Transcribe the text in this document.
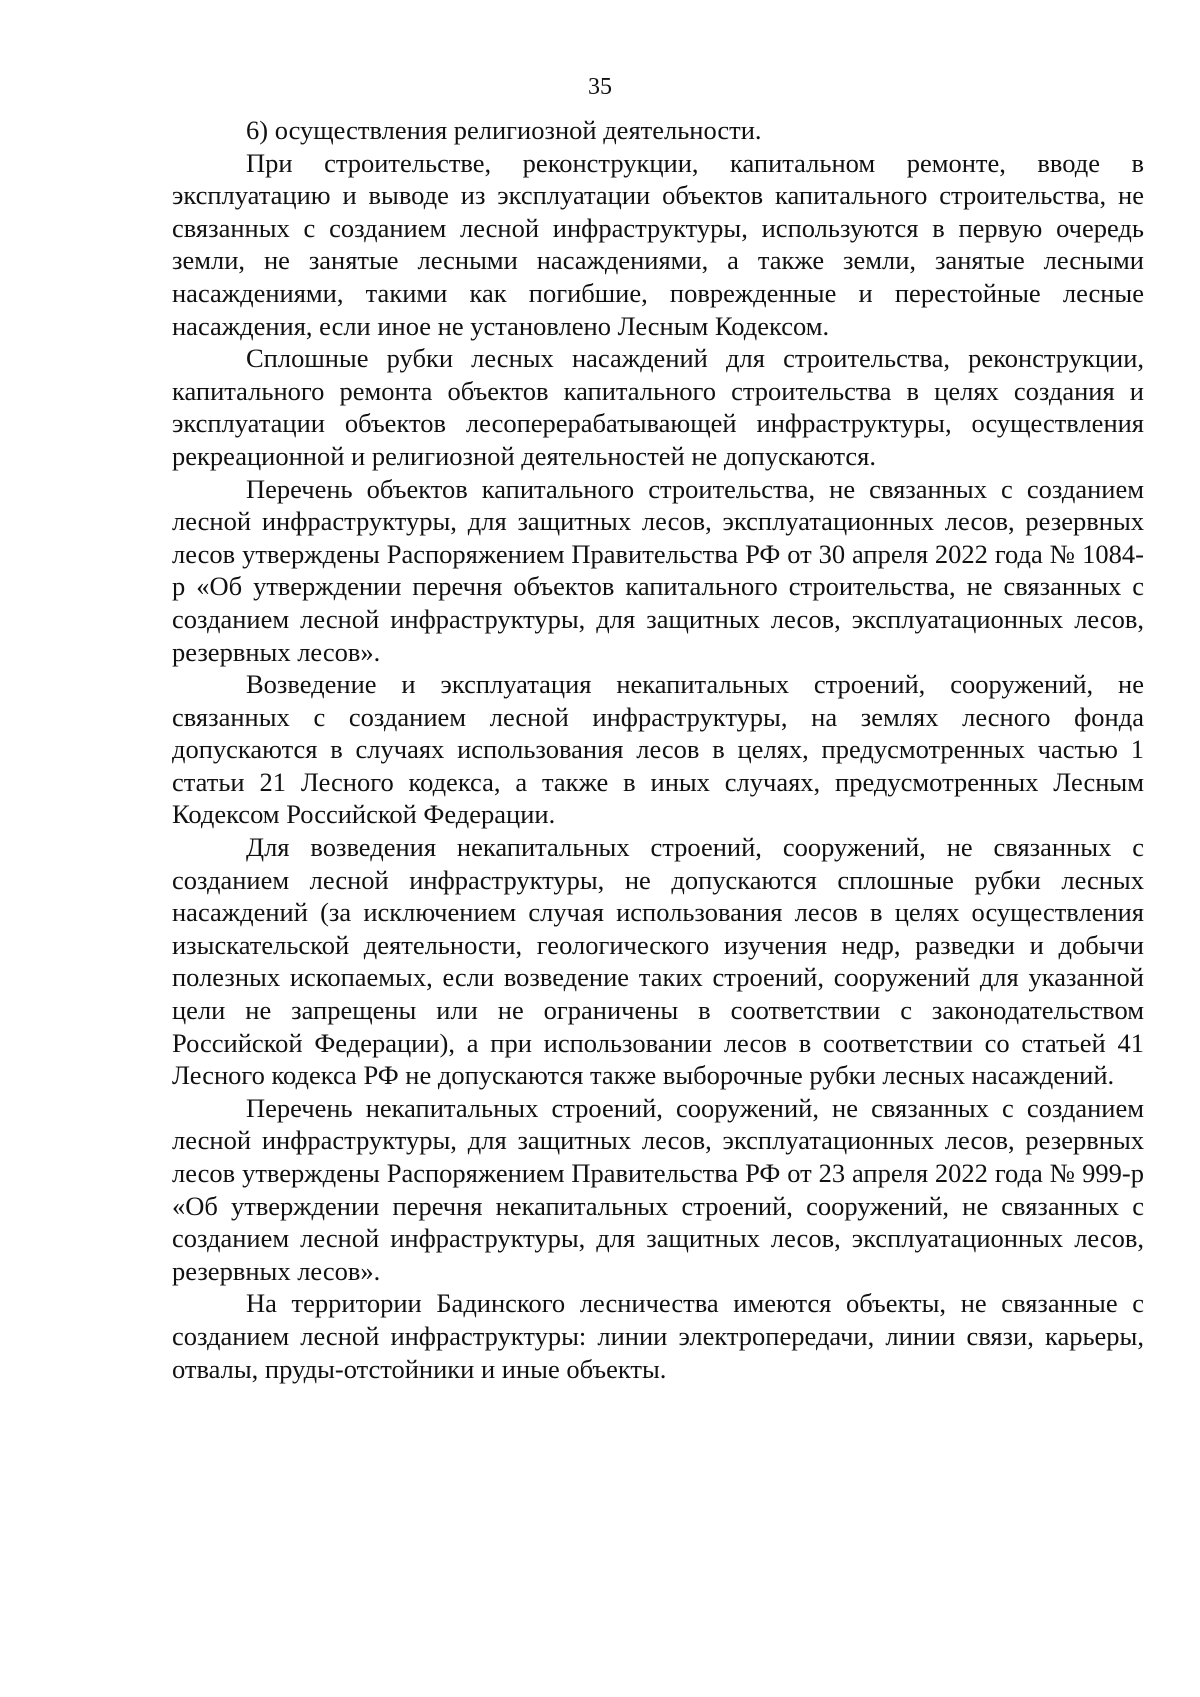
35

6) осуществления религиозной деятельности.

При строительстве, реконструкции, капитальном ремонте, вводе в эксплуатацию и выводе из эксплуатации объектов капитального строительства, не связанных с созданием лесной инфраструктуры, используются в первую очередь земли, не занятые лесными насаждениями, а также земли, занятые лесными насаждениями, такими как погибшие, поврежденные и перестойные лесные насаждения, если иное не установлено Лесным Кодексом.

Сплошные рубки лесных насаждений для строительства, реконструкции, капитального ремонта объектов капитального строительства в целях создания и эксплуатации объектов лесоперерабатывающей инфраструктуры, осуществления рекреационной и религиозной деятельностей не допускаются.

Перечень объектов капитального строительства, не связанных с созданием лесной инфраструктуры, для защитных лесов, эксплуатационных лесов, резервных лесов утверждены Распоряжением Правительства РФ от 30 апреля 2022 года № 1084-р «Об утверждении перечня объектов капитального строительства, не связанных с созданием лесной инфраструктуры, для защитных лесов, эксплуатационных лесов, резервных лесов».

Возведение и эксплуатация некапитальных строений, сооружений, не связанных с созданием лесной инфраструктуры, на землях лесного фонда допускаются в случаях использования лесов в целях, предусмотренных частью 1 статьи 21 Лесного кодекса, а также в иных случаях, предусмотренных Лесным Кодексом Российской Федерации.

Для возведения некапитальных строений, сооружений, не связанных с созданием лесной инфраструктуры, не допускаются сплошные рубки лесных насаждений (за исключением случая использования лесов в целях осуществления изыскательской деятельности, геологического изучения недр, разведки и добычи полезных ископаемых, если возведение таких строений, сооружений для указанной цели не запрещены или не ограничены в соответствии с законодательством Российской Федерации), а при использовании лесов в соответствии со статьей 41 Лесного кодекса РФ не допускаются также выборочные рубки лесных насаждений.

Перечень некапитальных строений, сооружений, не связанных с созданием лесной инфраструктуры, для защитных лесов, эксплуатационных лесов, резервных лесов утверждены Распоряжением Правительства РФ от 23 апреля 2022 года № 999-р «Об утверждении перечня некапитальных строений, сооружений, не связанных с созданием лесной инфраструктуры, для защитных лесов, эксплуатационных лесов, резервных лесов».

На территории Бадинского лесничества имеются объекты, не связанные с созданием лесной инфраструктуры: линии электропередачи, линии связи, карьеры, отвалы, пруды-отстойники и иные объекты.
